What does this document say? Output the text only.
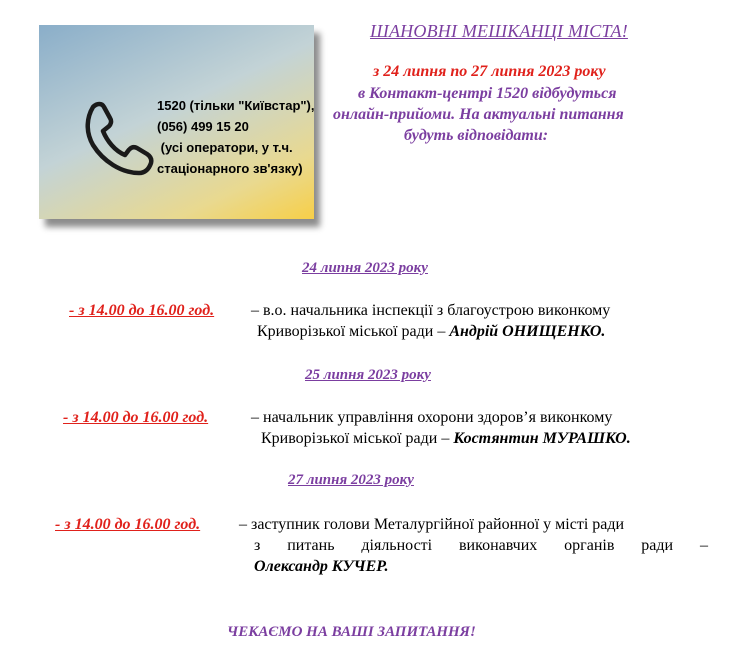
1520 (тільки "Київстар"),
(056) 499 15 20
(усі оператори, у т.ч.
стаціонарного зв'язку)
ШАНОВНІ МЕШКАНЦІ МІСТА!
з 24 липня по 27 липня 2023 року
в Контакт-центрі 1520 відбудуться
онлайн-прийоми. На актуальні питання
будуть відповідати:
24 липня 2023 року
- з 14.00 до 16.00 год. – в.о. начальника інспекції з благоустрою виконкому
Криворізької міської ради – Андрій ОНИЩЕНКО.
25 липня 2023 року
- з 14.00 до 16.00 год. – начальник управління охорони здоров’я виконкому
Криворізької міської ради – Костянтин МУРАШКО.
27 липня 2023 року
- з 14.00 до 16.00 год. – заступник голови Металургійної районної у місті ради
з питань діяльності виконавчих органів ради –
Олександр КУЧЕР.
ЧЕКАЄМО НА ВАШІ ЗАПИТАННЯ!
